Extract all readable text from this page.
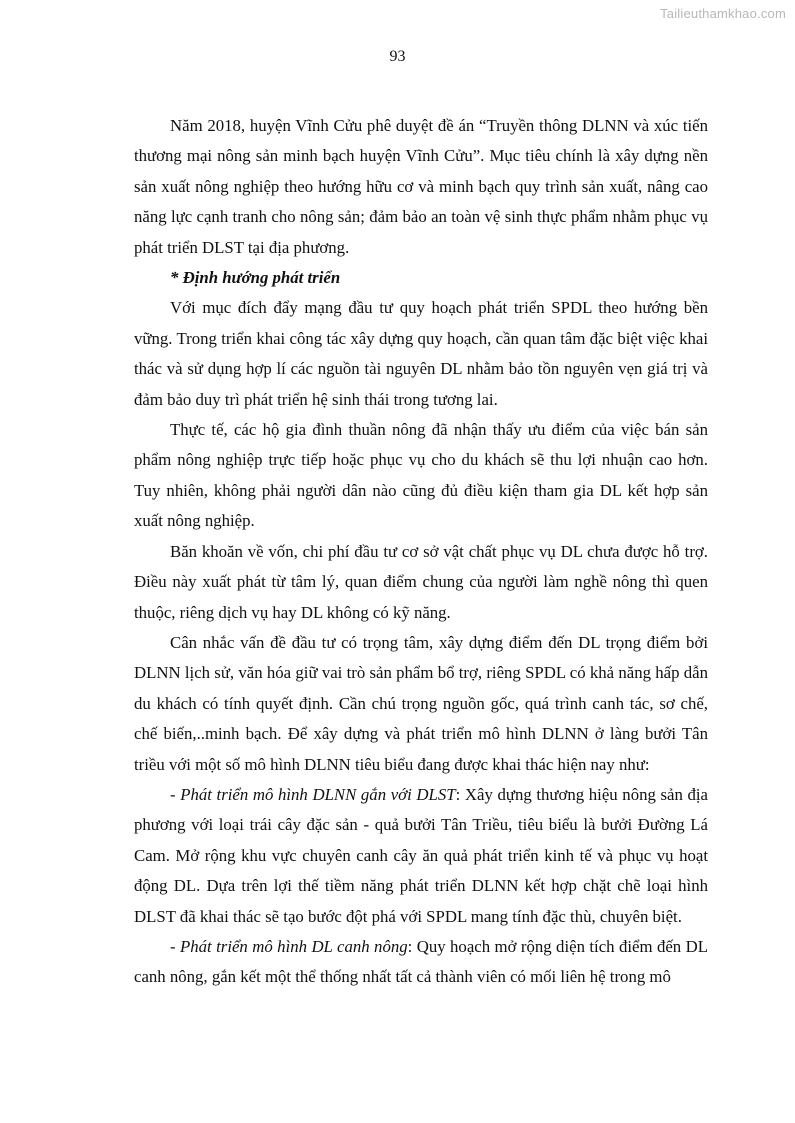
Tailieuthamkhao.com
93

Năm 2018, huyện Vĩnh Cửu phê duyệt đề án “Truyền thông DLNN và xúc tiến thương mại nông sản minh bạch huyện Vĩnh Cửu”. Mục tiêu chính là xây dựng nền sản xuất nông nghiệp theo hướng hữu cơ và minh bạch quy trình sản xuất, nâng cao năng lực cạnh tranh cho nông sản; đảm bảo an toàn vệ sinh thực phẩm nhằm phục vụ phát triển DLST tại địa phương.

* Định hướng phát triển

Với mục đích đẩy mạng đầu tư quy hoạch phát triển SPDL theo hướng bền vững. Trong triển khai công tác xây dựng quy hoạch, cần quan tâm đặc biệt việc khai thác và sử dụng hợp lí các nguồn tài nguyên DL nhằm bảo tồn nguyên vẹn giá trị và đảm bảo duy trì phát triển hệ sinh thái trong tương lai.

Thực tế, các hộ gia đình thuần nông đã nhận thấy ưu điểm của việc bán sản phẩm nông nghiệp trực tiếp hoặc phục vụ cho du khách sẽ thu lợi nhuận cao hơn. Tuy nhiên, không phải người dân nào cũng đủ điều kiện tham gia DL kết hợp sản xuất nông nghiệp.

Băn khoăn về vốn, chi phí đầu tư cơ sở vật chất phục vụ DL chưa được hỗ trợ. Điều này xuất phát từ tâm lý, quan điểm chung của người làm nghề nông thì quen thuộc, riêng dịch vụ hay DL không có kỹ năng.

Cân nhắc vấn đề đầu tư có trọng tâm, xây dựng điểm đến DL trọng điểm bởi DLNN lịch sử, văn hóa giữ vai trò sản phẩm bổ trợ, riêng SPDL có khả năng hấp dẫn du khách có tính quyết định. Cần chú trọng nguồn gốc, quá trình canh tác, sơ chế, chế biến,..minh bạch. Để xây dựng và phát triển mô hình DLNN ở làng bưởi Tân triều với một số mô hình DLNN tiêu biểu đang được khai thác hiện nay như:

- Phát triển mô hình DLNN gắn với DLST: Xây dựng thương hiệu nông sản địa phương với loại trái cây đặc sản - quả bưởi Tân Triều, tiêu biểu là bưởi Đường Lá Cam. Mở rộng khu vực chuyên canh cây ăn quả phát triển kinh tế và phục vụ hoạt động DL. Dựa trên lợi thế tiềm năng phát triển DLNN kết hợp chặt chẽ loại hình DLST đã khai thác sẽ tạo bước đột phá với SPDL mang tính đặc thù, chuyên biệt.

- Phát triển mô hình DL canh nông: Quy hoạch mở rộng diện tích điểm đến DL canh nông, gắn kết một thể thống nhất tất cả thành viên có mối liên hệ trong mô
